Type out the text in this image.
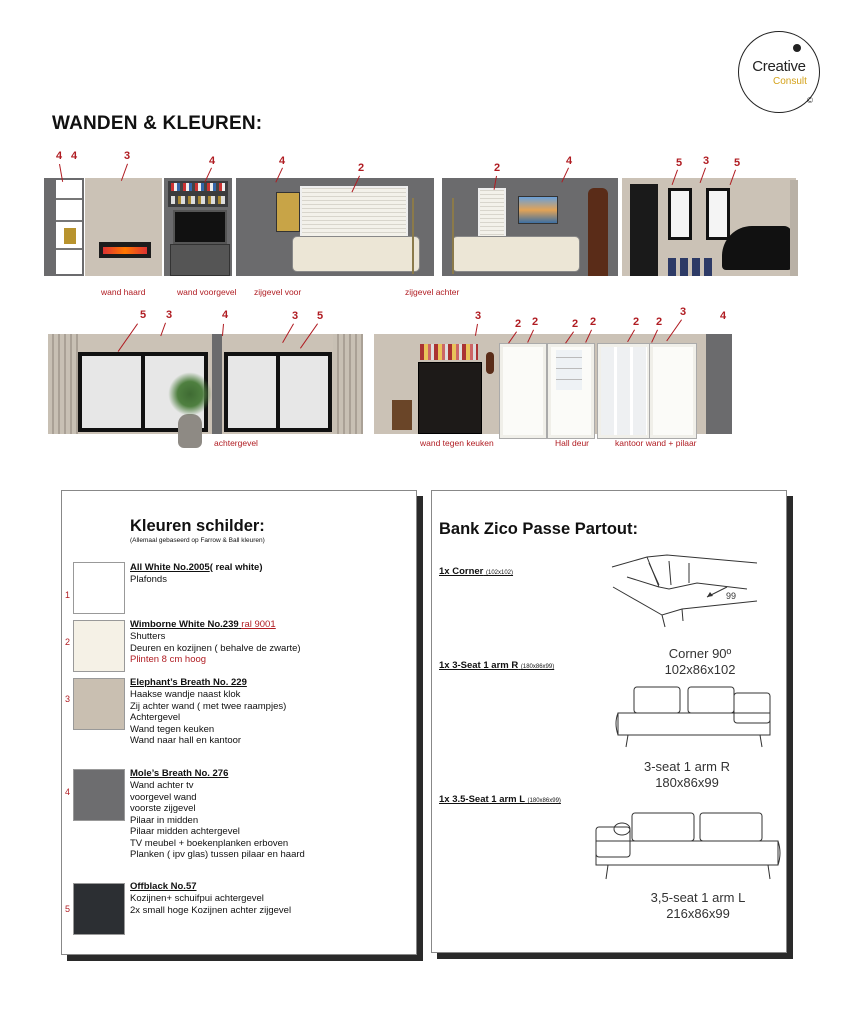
Creative
Consult
©
WANDEN & KLEUREN:
4 4	3	4	4
2	2
4	5 3 5
wand haard	wand voorgevel zijgevel voor	zijgevel achter
5 3	4	3 5	3
2 2	2 2	2 2
3	4
achtergevel	wand tegen keuken	Hall deur	kantoor wand + pilaar
Kleuren schilder:
(Allemaal gebaseerd op Farrow & Ball kleuren)
1
All White No.2005( real white)
Plafonds
2
Wimborne White No.239 ral 9001
Shutters
Deuren en kozijnen ( behalve de zwarte)
Plinten 8 cm hoog
3
Elephant’s Breath No. 229
Haakse wandje naast klok
Zij achter wand ( met twee raampjes)
Achtergevel
Wand tegen keuken
Wand naar hall en kantoor
4
Mole’s Breath No. 276
Wand achter tv
voorgevel wand
voorste zijgevel
Pilaar in midden
Pilaar midden achtergevel
TV meubel + boekenplanken erboven
Planken ( ipv glas) tussen pilaar en haard
5
Offblack No.57
Kozijnen+ schuifpui achtergevel
2x small hoge Kozijnen achter zijgevel
Bank Zico Passe Partout:
1x Corner (102x102)
99
Corner 90º
102x86x102
1x 3-Seat 1 arm R (180x86x99)
3-seat 1 arm R
180x86x99
1x 3.5-Seat 1 arm L (180x86x99)
3,5-seat 1 arm L
216x86x99
